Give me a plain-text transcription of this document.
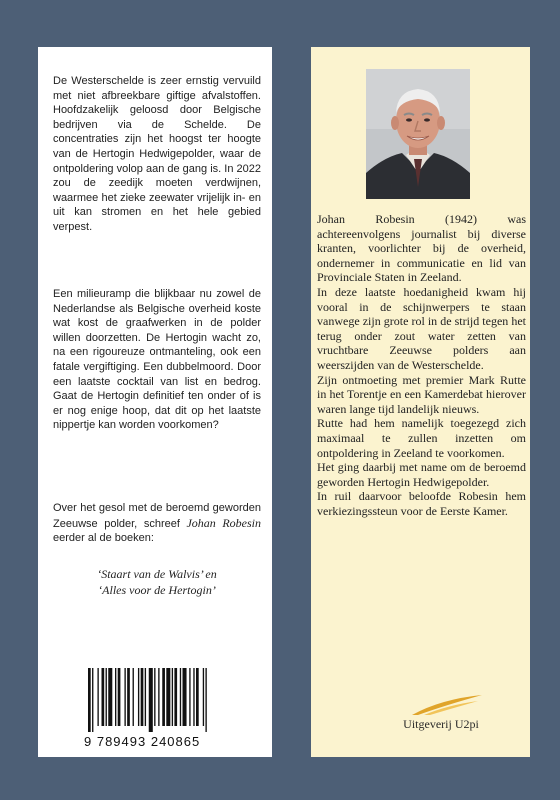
De Westerschelde is zeer ernstig vervuild met niet afbreekbare giftige afvalstoffen. Hoofdzakelijk geloosd door Belgische bedrijven via de Schelde. De concentraties zijn het hoogst ter hoogte van de Hertogin Hedwigepolder, waar de ontpoldering volop aan de gang is. In 2022 zou de zeedijk moeten verdwijnen, waarmee het zieke zeewater vrijelijk in- en uit kan stromen en het hele gebied verpest.
Een milieuramp die blijkbaar nu zowel de Nederlandse als Belgische overheid koste wat kost de graafwerken in de polder willen doorzetten. De Hertogin wacht zo, na een rigoureuze ontmanteling, ook een fatale vergiftiging. Een dubbelmoord. Door een laatste cocktail van list en bedrog. Gaat de Hertogin definitief ten onder of is er nog enige hoop, dat dit op het laatste nippertje kan worden voorkomen?
Over het gesol met de beroemd geworden Zeeuwse polder, schreef Johan Robesin eerder al de boeken:
‘Staart van de Walvis’ en
‘Alles voor de Hertogin’
9 789493 240865

Johan Robesin (1942) was achtereenvolgens journalist bij diverse kranten, voorlichter bij de overheid, ondernemer in communicatie en lid van Provinciale Staten in Zeeland.

In deze laatste hoedanigheid kwam hij vooral in de schijnwerpers te staan vanwege zijn grote rol in de strijd tegen het terug onder zout water zetten van vruchtbare Zeeuwse polders aan weerszijden van de Westerschelde.

Zijn ontmoeting met premier Mark Rutte in het Torentje en een Kamerdebat hierover waren lange tijd landelijk nieuws.

Rutte had hem namelijk toegezegd zich maximaal te zullen inzetten om ontpoldering in Zeeland te voorkomen.

Het ging daarbij met name om de beroemd geworden Hertogin Hedwigepolder.

In ruil daarvoor beloofde Robesin hem verkiezingssteun voor de Eerste Kamer.

Uitgeverij U2pi
